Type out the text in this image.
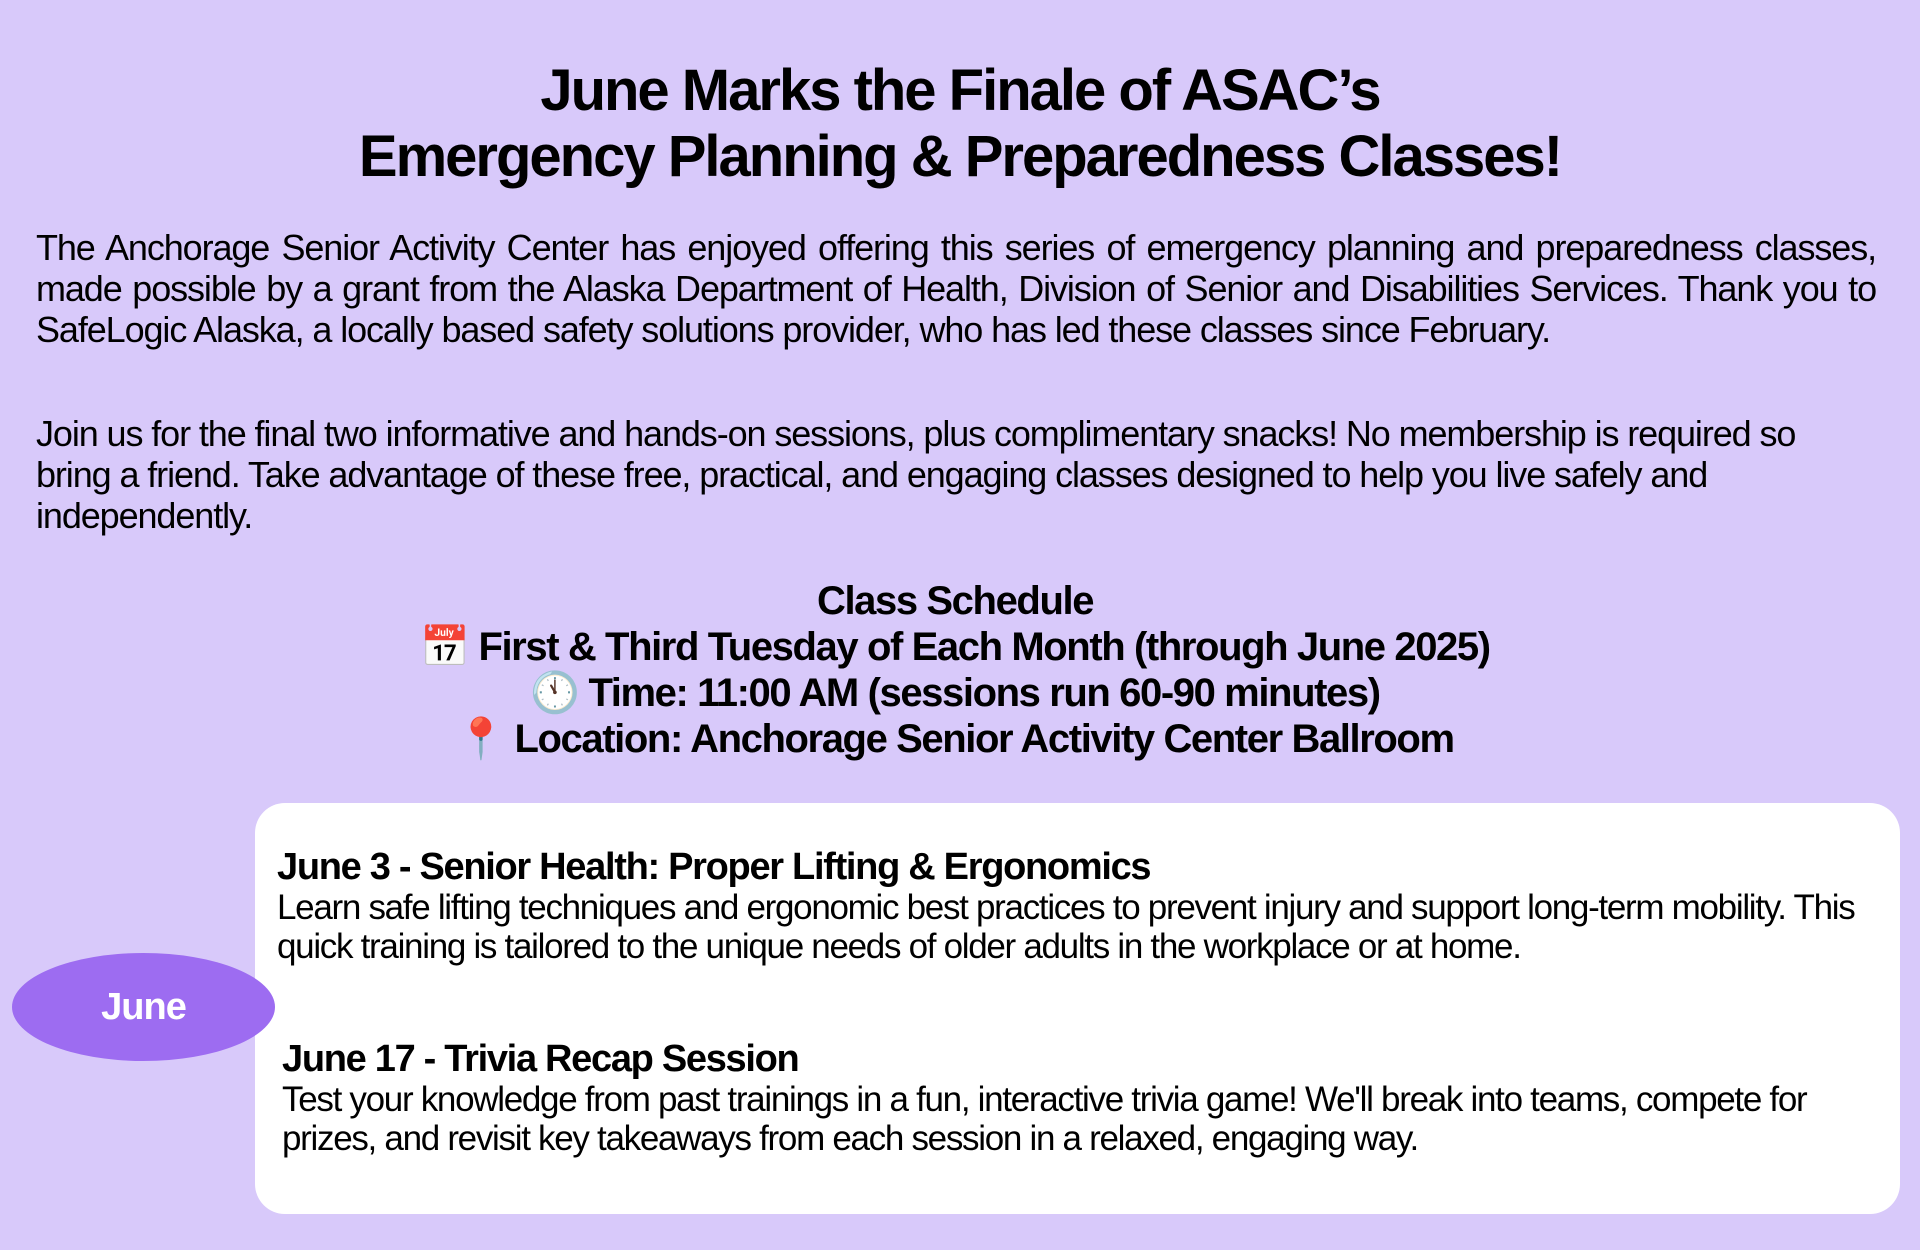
June Marks the Finale of ASAC’s
Emergency Planning & Preparedness Classes!

The Anchorage Senior Activity Center has enjoyed offering this series of emergency planning and preparedness classes, made possible by a grant from the Alaska Department of Health, Division of Senior and Disabilities Services. Thank you to SafeLogic Alaska, a locally based safety solutions provider, who has led these classes since February.

Join us for the final two informative and hands-on sessions, plus complimentary snacks! No membership is required so bring a friend. Take advantage of these free, practical, and engaging classes designed to help you live safely and independently.

Class Schedule
📅 First & Third Tuesday of Each Month (through June 2025)
🕚 Time: 11:00 AM (sessions run 60-90 minutes)
📍 Location: Anchorage Senior Activity Center Ballroom
June 3 - Senior Health: Proper Lifting & Ergonomics
Learn safe lifting techniques and ergonomic best practices to prevent injury and support long-term mobility. This quick training is tailored to the unique needs of older adults in the workplace or at home.
June 17 - Trivia Recap Session
Test your knowledge from past trainings in a fun, interactive trivia game! We'll break into teams, compete for prizes, and revisit key takeaways from each session in a relaxed, engaging way.
June
